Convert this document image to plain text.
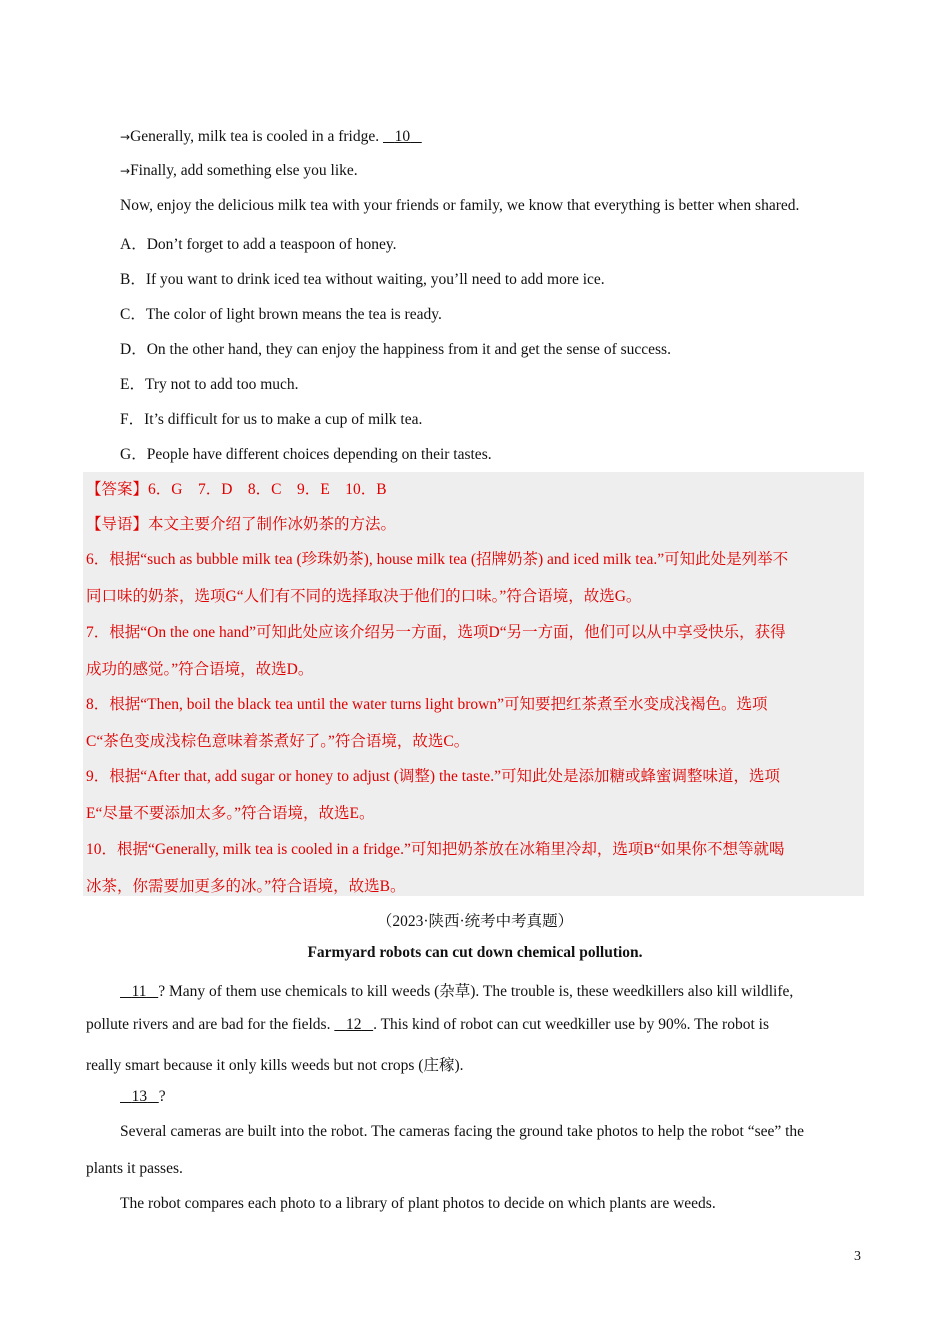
→Generally, milk tea is cooled in a fridge.    10
→Finally, add something else you like.
Now, enjoy the delicious milk tea with your friends or family, we know that everything is better when shared.
A．Don’t forget to add a teaspoon of honey.
B．If you want to drink iced tea without waiting, you’ll need to add more ice.
C．The color of light brown means the tea is ready.
D．On the other hand, they can enjoy the happiness from it and get the sense of success.
E．Try not to add too much.
F．It’s difficult for us to make a cup of milk tea.
G．People have different choices depending on their tastes.
【答案】6．G　7．D　8．C　9．E　10．B
【导语】本文主要介绍了制作冰奶茶的方法。
6．根据“such as bubble milk tea (珍珠奶茶), house milk tea (招牌奶茶) and iced milk tea.”可知此处是列举不
同口味的奶茶，选项G“人们有不同的选择取决于他们的口味。”符合语境，故选G。
7．根据“On the one hand”可知此处应该介绍另一方面，选项D“另一方面，他们可以从中享受快乐，获得
成功的感觉。”符合语境，故选D。
8．根据“Then, boil the black tea until the water turns light brown”可知要把红茶煮至水变成浅褐色。选项
C“茶色变成浅棕色意味着茶煮好了。”符合语境，故选C。
9．根据“After that, add sugar or honey to adjust (调整) the taste.”可知此处是添加糖或蜂蜜调整味道，选项
E“尽量不要添加太多。”符合语境，故选E。
10．根据“Generally, milk tea is cooled in a fridge.”可知把奶茶放在冰箱里冷却，选项B“如果你不想等就喝
冰茶，你需要加更多的冰。”符合语境，故选B。
（2023·陕西·统考中考真题）
Farmyard robots can cut down chemical pollution.
11 ? Many of them use chemicals to kill weeds (杂草). The trouble is, these weedkillers also kill wildlife,
pollute rivers and are bad for the fields.    12 . This kind of robot can cut weedkiller use by 90%. The robot is
really smart because it only kills weeds but not crops (庄稼).
13 ?
Several cameras are built into the robot. The cameras facing the ground take photos to help the robot “see” the
plants it passes.
The robot compares each photo to a library of plant photos to decide on which plants are weeds.
3
